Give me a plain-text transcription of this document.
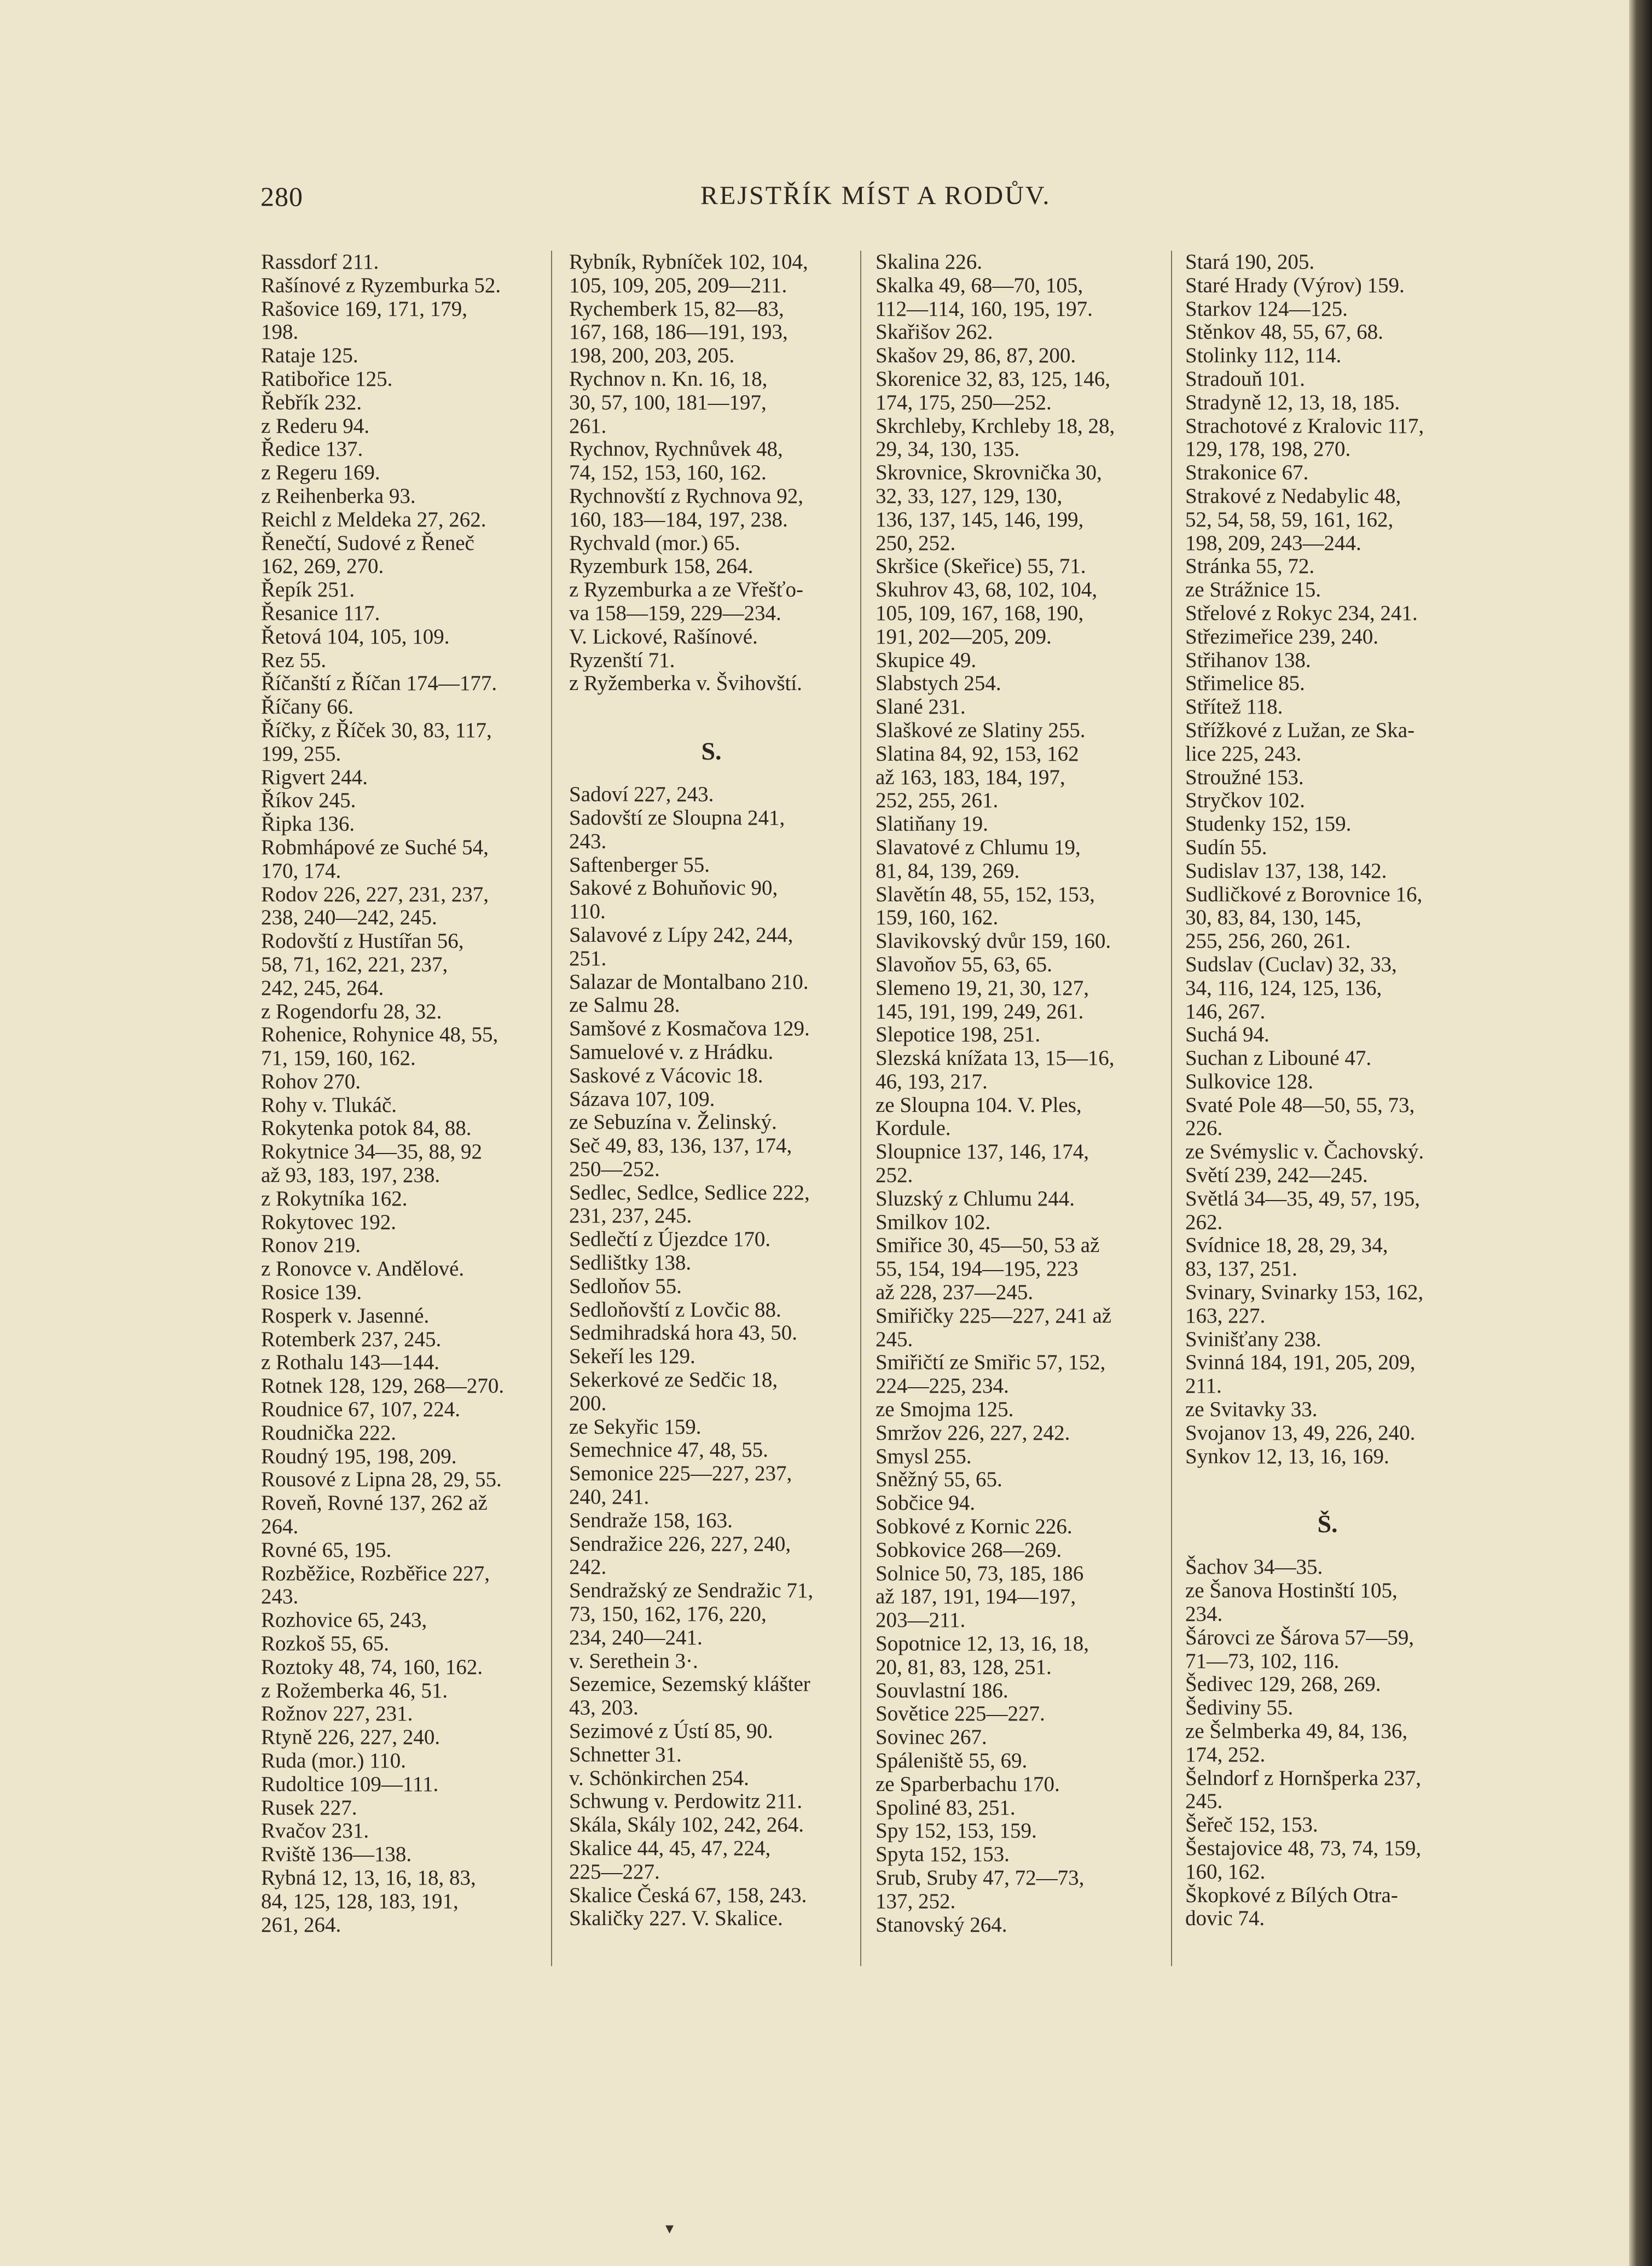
280	REJSTŘÍK MÍST A RODŮV.
Rassdorf 211.
Rašínové z Ryzemburka 52.
Rašovice 169, 171, 179,
198.
Rataje 125.
Ratibořice 125.
Řebřík 232.
z Rederu 94.
Ředice 137.
z Regeru 169.
z Reihenberka 93.
Reichl z Meldeka 27, 262.
Řenečtí, Sudové z Řeneč
162, 269, 270.
Řepík 251.
Řesanice 117.
Řetová 104, 105, 109.
Rez 55.
Říčanští z Říčan 174—177.
Říčany 66.
Říčky, z Říček 30, 83, 117,
199, 255.
Rigvert 244.
Říkov 245.
Řipka 136.
Robmhápové ze Suché 54,
170, 174.
Rodov 226, 227, 231, 237,
238, 240—242, 245.
Rodovští z Hustířan 56,
58, 71, 162, 221, 237,
242, 245, 264.
z Rogendorfu 28, 32.
Rohenice, Rohynice 48, 55,
71, 159, 160, 162.
Rohov 270.
Rohy v. Tlukáč.
Rokytenka potok 84, 88.
Rokytnice 34—35, 88, 92
až 93, 183, 197, 238.
z Rokytníka 162.
Rokytovec 192.
Ronov 219.
z Ronovce v. Andělové.
Rosice 139.
Rosperk v. Jasenné.
Rotemberk 237, 245.
z Rothalu 143—144.
Rotnek 128, 129, 268—270.
Roudnice 67, 107, 224.
Roudnička 222.
Roudný 195, 198, 209.
Rousové z Lipna 28, 29, 55.
Roveň, Rovné 137, 262 až
264.
Rovné 65, 195.
Rozběžice, Rozběřice 227,
243.
Rozhovice 65, 243,
Rozkoš 55, 65.
Roztoky 48, 74, 160, 162.
z Rožemberka 46, 51.
Rožnov 227, 231.
Rtyně 226, 227, 240.
Ruda (mor.) 110.
Rudoltice 109—111.
Rusek 227.
Rvačov 231.
Rviště 136—138.
Rybná 12, 13, 16, 18, 83,
84, 125, 128, 183, 191,
261, 264.
Rybník, Rybníček 102, 104,
105, 109, 205, 209—211.
Rychemberk 15, 82—83,
167, 168, 186—191, 193,
198, 200, 203, 205.
Rychnov n. Kn. 16, 18,
30, 57, 100, 181—197,
261.
Rychnov, Rychnůvek 48,
74, 152, 153, 160, 162.
Rychnovští z Rychnova 92,
160, 183—184, 197, 238.
Rychvald (mor.) 65.
Ryzemburk 158, 264.
z Ryzemburka a ze Vřešťo-
va 158—159, 229—234.
V. Lickové, Rašínové.
Ryzenští 71.
z Ryžemberka v. Švihovští.
S.
Sadoví 227, 243.
Sadovští ze Sloupna 241,
243.
Saftenberger 55.
Sakové z Bohuňovic 90,
110.
Salavové z Lípy 242, 244,
251.
Salazar de Montalbano 210.
ze Salmu 28.
Samšové z Kosmačova 129.
Samuelové v. z Hrádku.
Saskové z Vácovic 18.
Sázava 107, 109.
ze Sebuzína v. Želinský.
Seč 49, 83, 136, 137, 174,
250—252.
Sedlec, Sedlce, Sedlice 222,
231, 237, 245.
Sedlečtí z Újezdce 170.
Sedlištky 138.
Sedloňov 55.
Sedloňovští z Lovčic 88.
Sedmihradská hora 43, 50.
Sekeří les 129.
Sekerkové ze Sedčic 18,
200.
ze Sekyřic 159.
Semechnice 47, 48, 55.
Semonice 225—227, 237,
240, 241.
Sendraže 158, 163.
Sendražice 226, 227, 240,
242.
Sendražský ze Sendražic 71,
73, 150, 162, 176, 220,
234, 240—241.
v. Serethein 3·.
Sezemice, Sezemský klášter
43, 203.
Sezimové z Ústí 85, 90.
Schnetter 31.
v. Schönkirchen 254.
Schwung v. Perdowitz 211.
Skála, Skály 102, 242, 264.
Skalice 44, 45, 47, 224,
225—227.
Skalice Česká 67, 158, 243.
Skaličky 227. V. Skalice.
Skalina 226.
Skalka 49, 68—70, 105,
112—114, 160, 195, 197.
Skařišov 262.
Skašov 29, 86, 87, 200.
Skorenice 32, 83, 125, 146,
174, 175, 250—252.
Skrchleby, Krchleby 18, 28,
29, 34, 130, 135.
Skrovnice, Skrovnička 30,
32, 33, 127, 129, 130,
136, 137, 145, 146, 199,
250, 252.
Skršice (Skeřice) 55, 71.
Skuhrov 43, 68, 102, 104,
105, 109, 167, 168, 190,
191, 202—205, 209.
Skupice 49.
Slabstych 254.
Slané 231.
Slaškové ze Slatiny 255.
Slatina 84, 92, 153, 162
až 163, 183, 184, 197,
252, 255, 261.
Slatiňany 19.
Slavatové z Chlumu 19,
81, 84, 139, 269.
Slavětín 48, 55, 152, 153,
159, 160, 162.
Slavikovský dvůr 159, 160.
Slavoňov 55, 63, 65.
Slemeno 19, 21, 30, 127,
145, 191, 199, 249, 261.
Slepotice 198, 251.
Slezská knížata 13, 15—16,
46, 193, 217.
ze Sloupna 104. V. Ples,
Kordule.
Sloupnice 137, 146, 174,
252.
Sluzský z Chlumu 244.
Smilkov 102.
Smiřice 30, 45—50, 53 až
55, 154, 194—195, 223
až 228, 237—245.
Smiřičky 225—227, 241 až
245.
Smiřičtí ze Smiřic 57, 152,
224—225, 234.
ze Smojma 125.
Smržov 226, 227, 242.
Smysl 255.
Sněžný 55, 65.
Sobčice 94.
Sobkové z Kornic 226.
Sobkovice 268—269.
Solnice 50, 73, 185, 186
až 187, 191, 194—197,
203—211.
Sopotnice 12, 13, 16, 18,
20, 81, 83, 128, 251.
Souvlastní 186.
Sovětice 225—227.
Sovinec 267.
Spáleniště 55, 69.
ze Sparberbachu 170.
Spoliné 83, 251.
Spy 152, 153, 159.
Spyta 152, 153.
Srub, Sruby 47, 72—73,
137, 252.
Stanovský 264.
Stará 190, 205.
Staré Hrady (Výrov) 159.
Starkov 124—125.
Stěnkov 48, 55, 67, 68.
Stolinky 112, 114.
Stradouň 101.
Stradyně 12, 13, 18, 185.
Strachotové z Kralovic 117,
129, 178, 198, 270.
Strakonice 67.
Strakové z Nedabylic 48,
52, 54, 58, 59, 161, 162,
198, 209, 243—244.
Stránka 55, 72.
ze Strážnice 15.
Střelové z Rokyc 234, 241.
Střezimeřice 239, 240.
Střihanov 138.
Střimelice 85.
Střítež 118.
Střížkové z Lužan, ze Ska-
lice 225, 243.
Stroužné 153.
Stryčkov 102.
Studenky 152, 159.
Sudín 55.
Sudislav 137, 138, 142.
Sudličkové z Borovnice 16,
30, 83, 84, 130, 145,
255, 256, 260, 261.
Sudslav (Cuclav) 32, 33,
34, 116, 124, 125, 136,
146, 267.
Suchá 94.
Suchan z Libouné 47.
Sulkovice 128.
Svaté Pole 48—50, 55, 73,
226.
ze Svémyslic v. Čachovský.
Světí 239, 242—245.
Světlá 34—35, 49, 57, 195,
262.
Svídnice 18, 28, 29, 34,
83, 137, 251.
Svinary, Svinarky 153, 162,
163, 227.
Svinišťany 238.
Svinná 184, 191, 205, 209,
211.
ze Svitavky 33.
Svojanov 13, 49, 226, 240.
Synkov 12, 13, 16, 169.
Š.
Šachov 34—35.
ze Šanova Hostinští 105,
234.
Šárovci ze Šárova 57—59,
71—73, 102, 116.
Šedivec 129, 268, 269.
Šediviny 55.
ze Šelmberka 49, 84, 136,
174, 252.
Šelndorf z Hornšperka 237,
245.
Šeřeč 152, 153.
Šestajovice 48, 73, 74, 159,
160, 162.
Škopkové z Bílých Otra-
dovic 74.
▾
